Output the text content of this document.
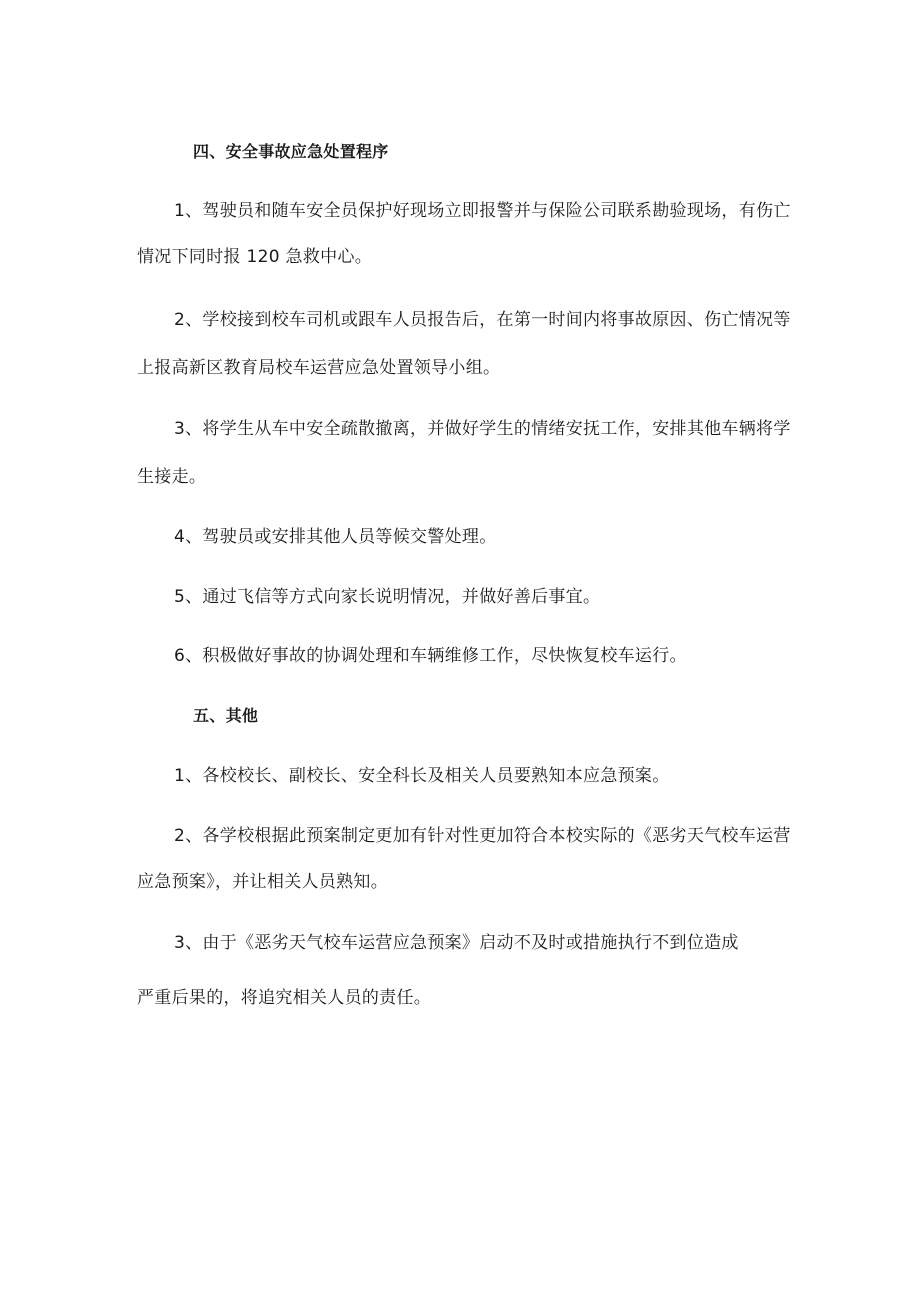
四、安全事故应急处置程序
1、驾驶员和随车安全员保护好现场立即报警并与保险公司联系勘验现场，有伤亡
情况下同时报 120 急救中心。
2、学校接到校车司机或跟车人员报告后，在第一时间内将事故原因、伤亡情况等
上报高新区教育局校车运营应急处置领导小组。
3、将学生从车中安全疏散撤离，并做好学生的情绪安抚工作，安排其他车辆将学
生接走。
4、驾驶员或安排其他人员等候交警处理。
5、通过飞信等方式向家长说明情况，并做好善后事宜。
6、积极做好事故的协调处理和车辆维修工作，尽快恢复校车运行。
五、其他
1、各校校长、副校长、安全科长及相关人员要熟知本应急预案。
2、各学校根据此预案制定更加有针对性更加符合本校实际的《恶劣天气校车运营
应急预案》，并让相关人员熟知。
3、由于《恶劣天气校车运营应急预案》启动不及时或措施执行不到位造成
严重后果的，将追究相关人员的责任。
